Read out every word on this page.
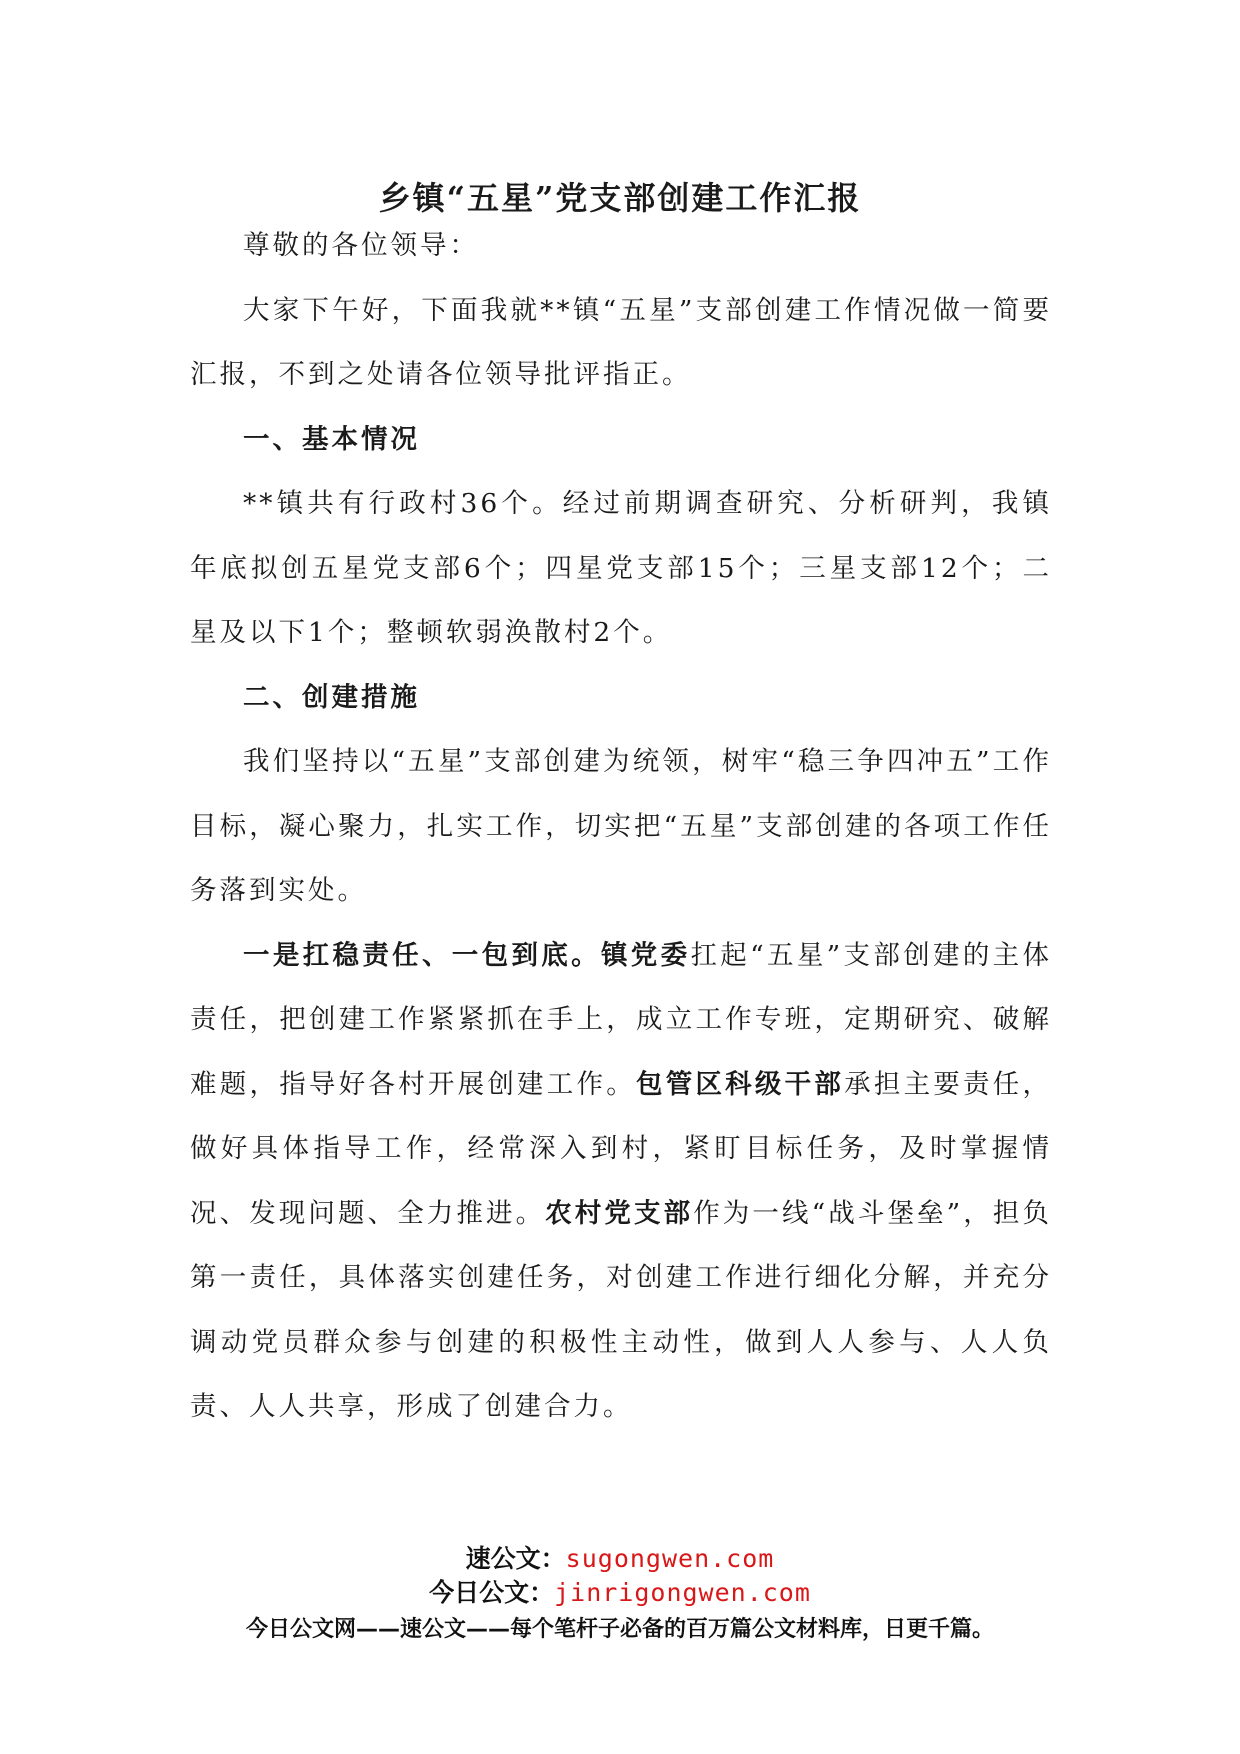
乡镇“五星”党支部创建工作汇报

尊敬的各位领导：

大家下午好，下面我就**镇“五星”支部创建工作情况做一简要汇报，不到之处请各位领导批评指正。

一、基本情况

**镇共有行政村36个。经过前期调查研究、分析研判，我镇年底拟创五星党支部6个；四星党支部15个；三星支部12个；二星及以下1个；整顿软弱涣散村2个。

二、创建措施

我们坚持以“五星”支部创建为统领，树牢“稳三争四冲五”工作目标，凝心聚力，扎实工作，切实把“五星”支部创建的各项工作任务落到实处。

一是扛稳责任、一包到底。镇党委扛起“五星”支部创建的主体责任，把创建工作紧紧抓在手上，成立工作专班，定期研究、破解难题，指导好各村开展创建工作。包管区科级干部承担主要责任，做好具体指导工作，经常深入到村，紧盯目标任务，及时掌握情况、发现问题、全力推进。农村党支部作为一线“战斗堡垒”，担负第一责任，具体落实创建任务，对创建工作进行细化分解，并充分调动党员群众参与创建的积极性主动性，做到人人参与、人人负责、人人共享，形成了创建合力。

速公文：sugongwen.com
今日公文：jinrigongwen.com
今日公文网——速公文——每个笔杆子必备的百万篇公文材料库，日更千篇。
